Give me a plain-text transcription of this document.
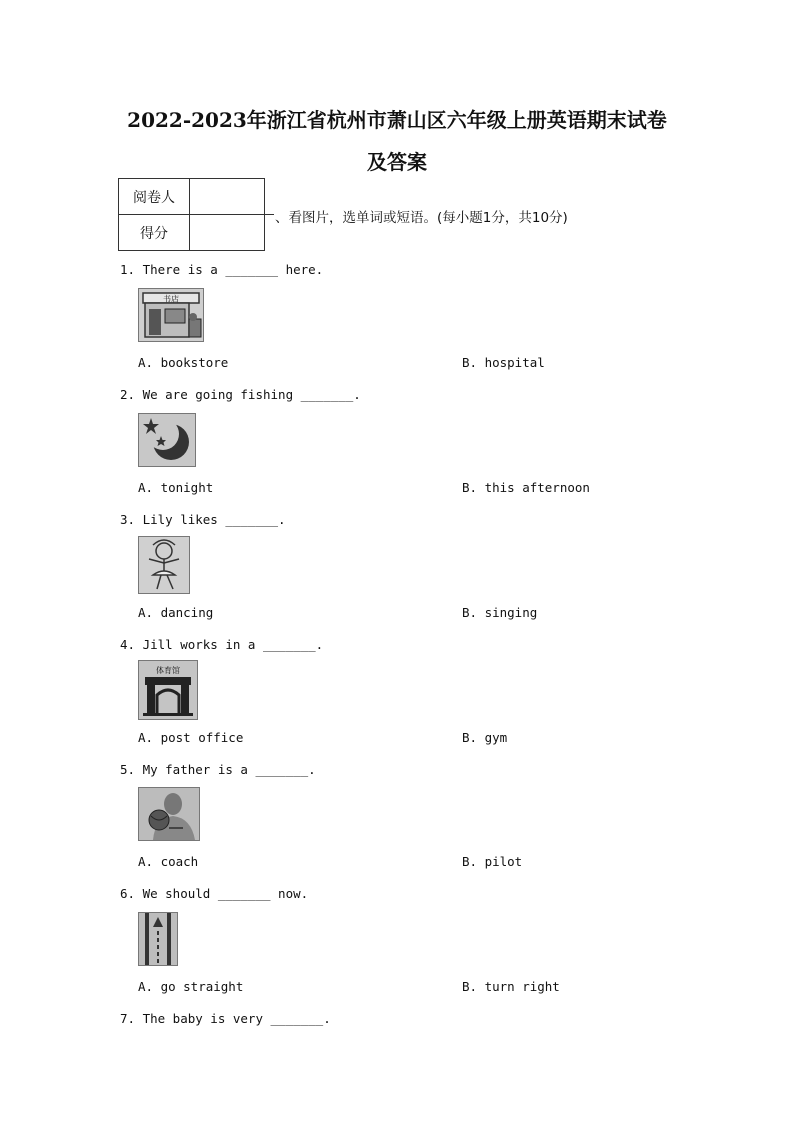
2022-2023年浙江省杭州市萧山区六年级上册英语期末试卷
及答案
阅卷人	
得分	
、看图片，选单词或短语。(每小题1分，共10分)
1. There is a _______ here.
书店
A. bookstore	B. hospital
2. We are going fishing _______.
A. tonight	B. this afternoon
3. Lily likes _______.
A. dancing	B. singing
4. Jill works in a _______.
体育馆
A. post office	B. gym
5. My father is a _______.
A. coach	B. pilot
6. We should _______ now.
A. go straight	B. turn right
7. The baby is very _______.
